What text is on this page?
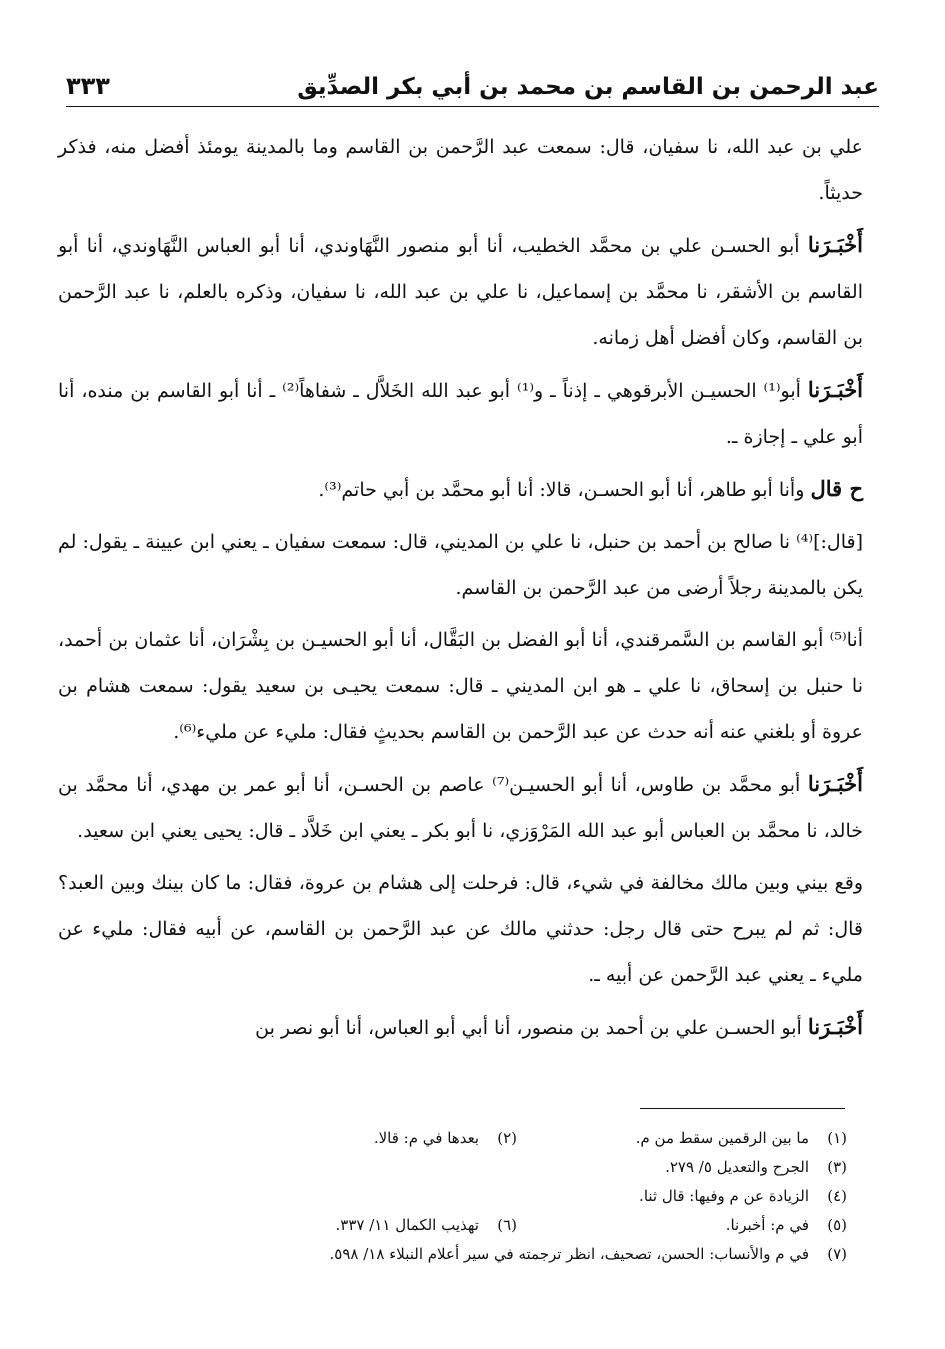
عبد الرحمن بن القاسم بن محمد بن أبي بكر الصدِّيق
٣٣٣

علي بن عبد الله، نا سفيان، قال: سمعت عبد الرَّحمن بن القاسم وما بالمدينة يومئذ أفضل منه، فذكر حديثاً.

أَخْبَـرَنا أبو الحسـن علي بن محمَّد الخطيب، أنا أبو منصور النَّهَاوندي، أنا أبو العباس النَّهَاوندي، أنا أبو القاسم بن الأشقر، نا محمَّد بن إسماعيل، نا علي بن عبد الله، نا سفيان، وذكره بالعلم، نا عبد الرَّحمن بن القاسم، وكان أفضل أهل زمانه.

أَخْبَـرَنا أبو⁽¹⁾ الحسيـن الأبرقوهي ـ إذناً ـ و⁽¹⁾ أبو عبد الله الخَلاَّل ـ شفاهاً⁽²⁾ ـ أنا أبو القاسم بن منده، أنا أبو علي ـ إجازة ـ.

ح قال وأنا أبو طاهر، أنا أبو الحسـن، قالا: أنا أبو محمَّد بن أبي حاتم⁽³⁾.

[قال:]⁽⁴⁾ نا صالح بن أحمد بن حنبل، نا علي بن المديني، قال: سمعت سفيان ـ يعني ابن عيينة ـ يقول: لم يكن بالمدينة رجلاً أرضى من عبد الرَّحمن بن القاسم.

أنا⁽⁵⁾ أبو القاسم بن السَّمرقندي، أنا أبو الفضل بن البَقَّال، أنا أبو الحسيـن بن بِشْرَان، أنا عثمان بن أحمد، نا حنبل بن إسحاق، نا علي ـ هو ابن المديني ـ قال: سمعت يحيـى بن سعيد يقول: سمعت هشام بن عروة أو بلغني عنه أنه حدث عن عبد الرَّحمن بن القاسم بحديثٍ فقال: مليء عن مليء⁽⁶⁾.

أَخْبَـرَنا أبو محمَّد بن طاوس، أنا أبو الحسيـن⁽⁷⁾ عاصم بن الحسـن، أنا أبو عمر بن مهدي، أنا محمَّد بن خالد، نا محمَّد بن العباس أبو عبد الله المَرْوَزي، نا أبو بكر ـ يعني ابن خَلاَّد ـ قال: يحيى يعني ابن سعيد.

وقع بيني وبين مالك مخالفة في شيء، قال: فرحلت إلى هشام بن عروة، فقال: ما كان بينك وبين العبد؟ قال: ثم لم يبرح حتى قال رجل: حدثني مالك عن عبد الرَّحمن بن القاسم، عن أبيه فقال: مليء عن مليء ـ يعني عبد الرَّحمن عن أبيه ـ.

أَخْبَـرَنا أبو الحسـن علي بن أحمد بن منصور، أنا أبي أبو العباس، أنا أبو نصر بن

(١)
ما بين الرقمين سقط من م.
(٢)
بعدها في م: قالا.
(٣)
الجرح والتعديل ٥/ ٢٧٩.
(٤)
الزيادة عن م وفيها: قال ثنا.
(٥)
في م: أخبرنا.
(٦)
تهذيب الكمال ١١/ ٣٣٧.
(٧)
في م والأنساب: الحسن، تصحيف، انظر ترجمته في سير أعلام النبلاء ١٨/ ٥٩٨.
